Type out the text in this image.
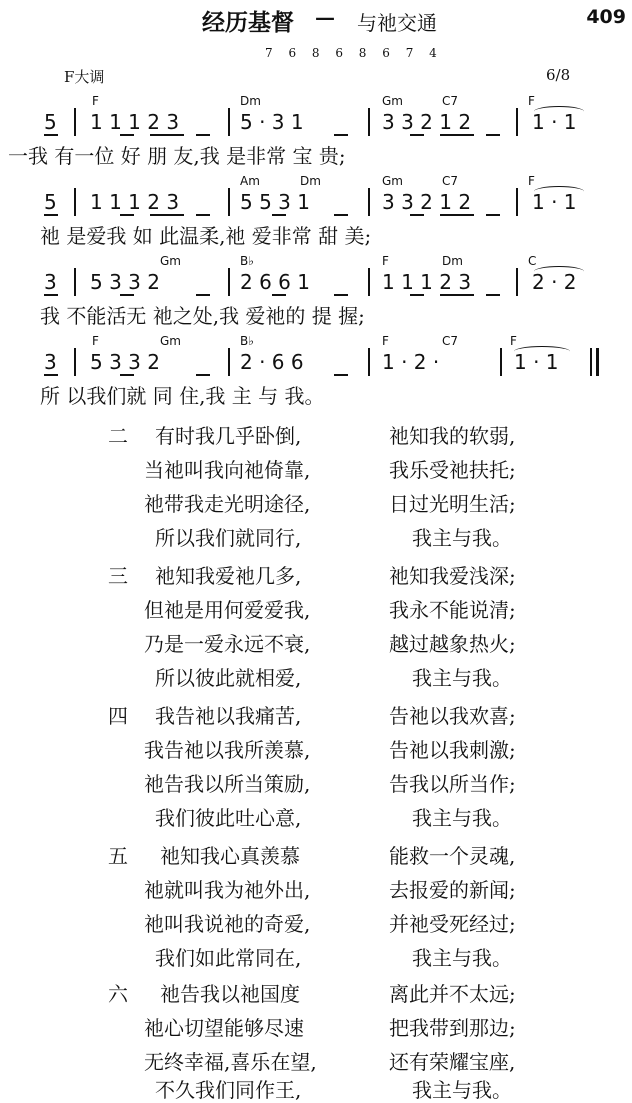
经历基督 — 与祂交通	409
7 6 8 6 8 6 7 4
F大调	6/8
F	Dm	Gm	C7	F
5 1 1 1 2 3	5 · 3 1	3 3 2 1 2	1 · 1
一我 有一位 好 朋 友,我 是非常 宝 贵;
Am	Dm	Gm	C7	F
5 1 1 1 2 3	5 5 3 1	3 3 2 1 2	1 · 1
祂 是爱我 如 此温柔,祂 爱非常 甜 美;
Gm	B♭	F	Dm	C
3 5 3 3 2	2 6 6 1	1 1 1 2 3	2 · 2
我 不能活无 祂之处,我 爱祂的 提 握;
F	Gm	B♭	F	C7	F
3 5 3 3 2	2 · 6 6	1 · 2 ·	1 · 1
所 以我们就 同 住,我 主 与 我。
二 有时我几乎卧倒,	祂知我的软弱,
当祂叫我向祂倚靠,	我乐受祂扶托;
祂带我走光明途径,	日过光明生活;
所以我们就同行,	我主与我。
三 祂知我爱祂几多,	祂知我爱浅深;
但祂是用何爱爱我,	我永不能说清;
乃是一爱永远不衰,	越过越象热火;
所以彼此就相爱,	我主与我。
四 我告祂以我痛苦,	告祂以我欢喜;
我告祂以我所羡慕,	告祂以我刺激;
祂告我以所当策励,	告我以所当作;
我们彼此吐心意,	我主与我。
五 祂知我心真羡慕	能救一个灵魂,
祂就叫我为祂外出,	去报爱的新闻;
祂叫我说祂的奇爱,	并祂受死经过;
我们如此常同在,	我主与我。
六 祂告我以祂国度	离此并不太远;
祂心切望能够尽速	把我带到那边;
无终幸福,喜乐在望,	还有荣耀宝座,
不久我们同作王,	我主与我。
